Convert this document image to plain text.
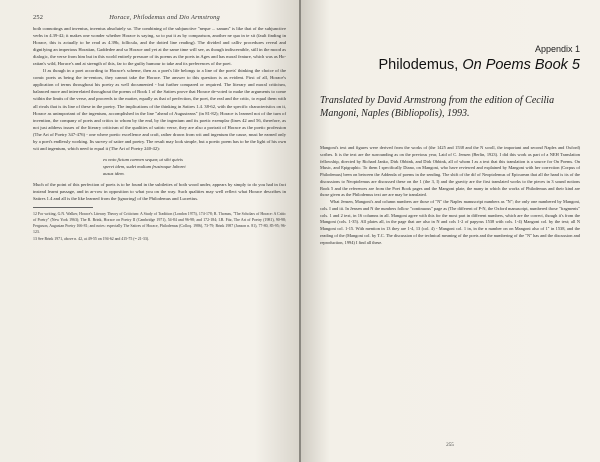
252	Horace, Philodemus and Dio Armstrong

both connotings and inventus, inventus absolutely so. The combining of the subjunctive "neque ... sanum" is like that of the subjunctive verbs in 4.39-42; it makes one wonder whether Horace is saying, so to put it as by comparison, another ne qua in te sit (fault finding in Horace, this is actually to be read as 4.39b, follicula, and the dotted line reading). The divided and calliv procedures reveal and dignifying an imperious Horatian, Gaddedee and so Horace and yet at the same time will see, as though indiscernible, still in the mood as dialogic, the verse from him but in this world entirely pressure of its poems as the poets in Ages and has moral feature, which was as Ho-ratian's wild, Horace's and at strength of this, far to the guilty humour to take and its preferences of the poet.

If as though in a poet according to Horace's scheme, then as a poet's life belongs to a line of the poets' thinking the choice of the comic poets as being the in-ventors, they cannot take the Horace. The answer to this question is as evident. First of all, Horace's application of terms throughout his poetry as well documented - but further compared or required. The literary and moral criticism, balanced more and interrelated throughout the poems of Book 1 of the Satires prove that Horace de-voted to make the arguments to come within the limits of the verse, and proceeds to the matter, equally as that of perfection, the poet, the real and the critic, to equal them with all rivals that is its line of these in the poetry. The implications of the thinking in Satires 1.4. 38-62, with the specific characteristics on it, Horace as unimportant of the ingenium, accomplished in the line "ahead of Augusteans" (in 81-82); Horace is learned not of the turn of invention, the company of poets and critics to whom by the end, by the ingenium and its poetic exemplar (lines 42 and 56, therefore, as not just address issues of the literary criticism of the qualities of satiric verse, they are also a portrait of Horace as the poetic profession (The Art of Poetry 347-476) - one where poetic excellence and craft, rather drawn from wit and ingenium the cause, must be earned only by a poet's endlessly working. Its survey of satire and poetry. The result may look simple, but a poetic poem has to be the light of his own wit and ingenium, which need to equal it (The Art of Poetry 240-42):

ex noto fictum carmen sequar, ut sibi quivis
speret idem, sudet multum frustraque laboret
ausus idem.

Much of the point of this perfection of poets is to be found in the subtleties of both wood under, appears by simply to do you had in fact instead learnt passage, and in ar-row in opposition to what you on the way. Such qualities may well reflect what Horace describes in Satires 1.4 and all is the like learned from the [ignoring] of the Philodemus and Lucretius.

12 For writing, G.N. Walker, Horace's Literary Theory of Criticism: A Study of Tradition (London 1975), 174-178; R. Thomas, "The Scholars of Horace: A Critic of Poetry" (New York 1963); The R. Brink, Horace on Poetry II (Cambridge 1971), 54-84 and 96-98; and 172-184; I.B. Fitz, The Art of Poetry (1981), 90-98; Ferguson, Augustan Poetry 166-81; and notes: especially The Satires of Horace, Philodemus (Colloq. 1986), 73-79; Brink 1987 (Janson n. 81), 77-80, 85-95; 96-123.

13 See Brink 1971, above n. 42, at 49-55 on 194-62 and 415-75 (= 21-33).

Appendix 1
Philodemus, On Poems Book 5
Translated by David Armstrong from the edition of Cecilia Mangoni, Naples (Bibliopolis), 1993.

Mangoni's text and figures were derived from the works of (the 1425 and 1538 and the N scroll, the important and second Naples and Oxford) scribes. It is the text are the surrounding as on the previous year, Laid of C. Jensen (Berlin, 1923). I did this work as part of a NEH Translation fellowship, directed by Richard Janko, Dirk Obbink, and Dirk Obbink, all of whom I as a text that this translation is a source for On Poems. On Music, and Epigraphic. To them I specifically Diano, on Mangoni, who have reviewed and explained by Mangoni with her correction (Corpus of Philodemus) been on between the Addenda of poems in the sending. The shift of the dif of Neoptolemus of Epicurean that all the hand is its of the discussions to Neoptolemus are discussed these on the 1 (the 3, I) and the gravity are the first translated works to the pieces in 3 sound notions Book 5 and the references are from the Poet Book pages and the Mangoni plate, the many in which the works of Philodemus and their kind are those given as the Philodemus text are are may be translated.

What Jensen, Mangoni's and column numbers are those of "N" the Naples manuscript numbers as "N"; the only one numbered by Mangoni, cols. I and iii. In Jensen and N the numbers follow "continuous" page as (The different of P-N, the Oxford manuscript, numbered those "fragments" cols. 1 and 2 text, in 16 columns in all. Mangoni agree with this for the most part in different numbers, which are the correct, though it's from the Mangoni (cols. 1-35). All plates all, in the page that are also in N and cols 1-2 of papyrus 1538 with cols. 1-4) Mangoni col. by the text; all N Mangoni col. 1-15. With mention in 13 they are 1-4, 13 (col. 4) - Mangoni col. 1 in, in the n number on on Mangoni also of 1" in 1538, and the reading of the (Mangoni col. by T.C. The discussion of the technical meaning of the poets and the numbering of the "N" has and the discussion and reproduction, 1994) I find all these.

255
